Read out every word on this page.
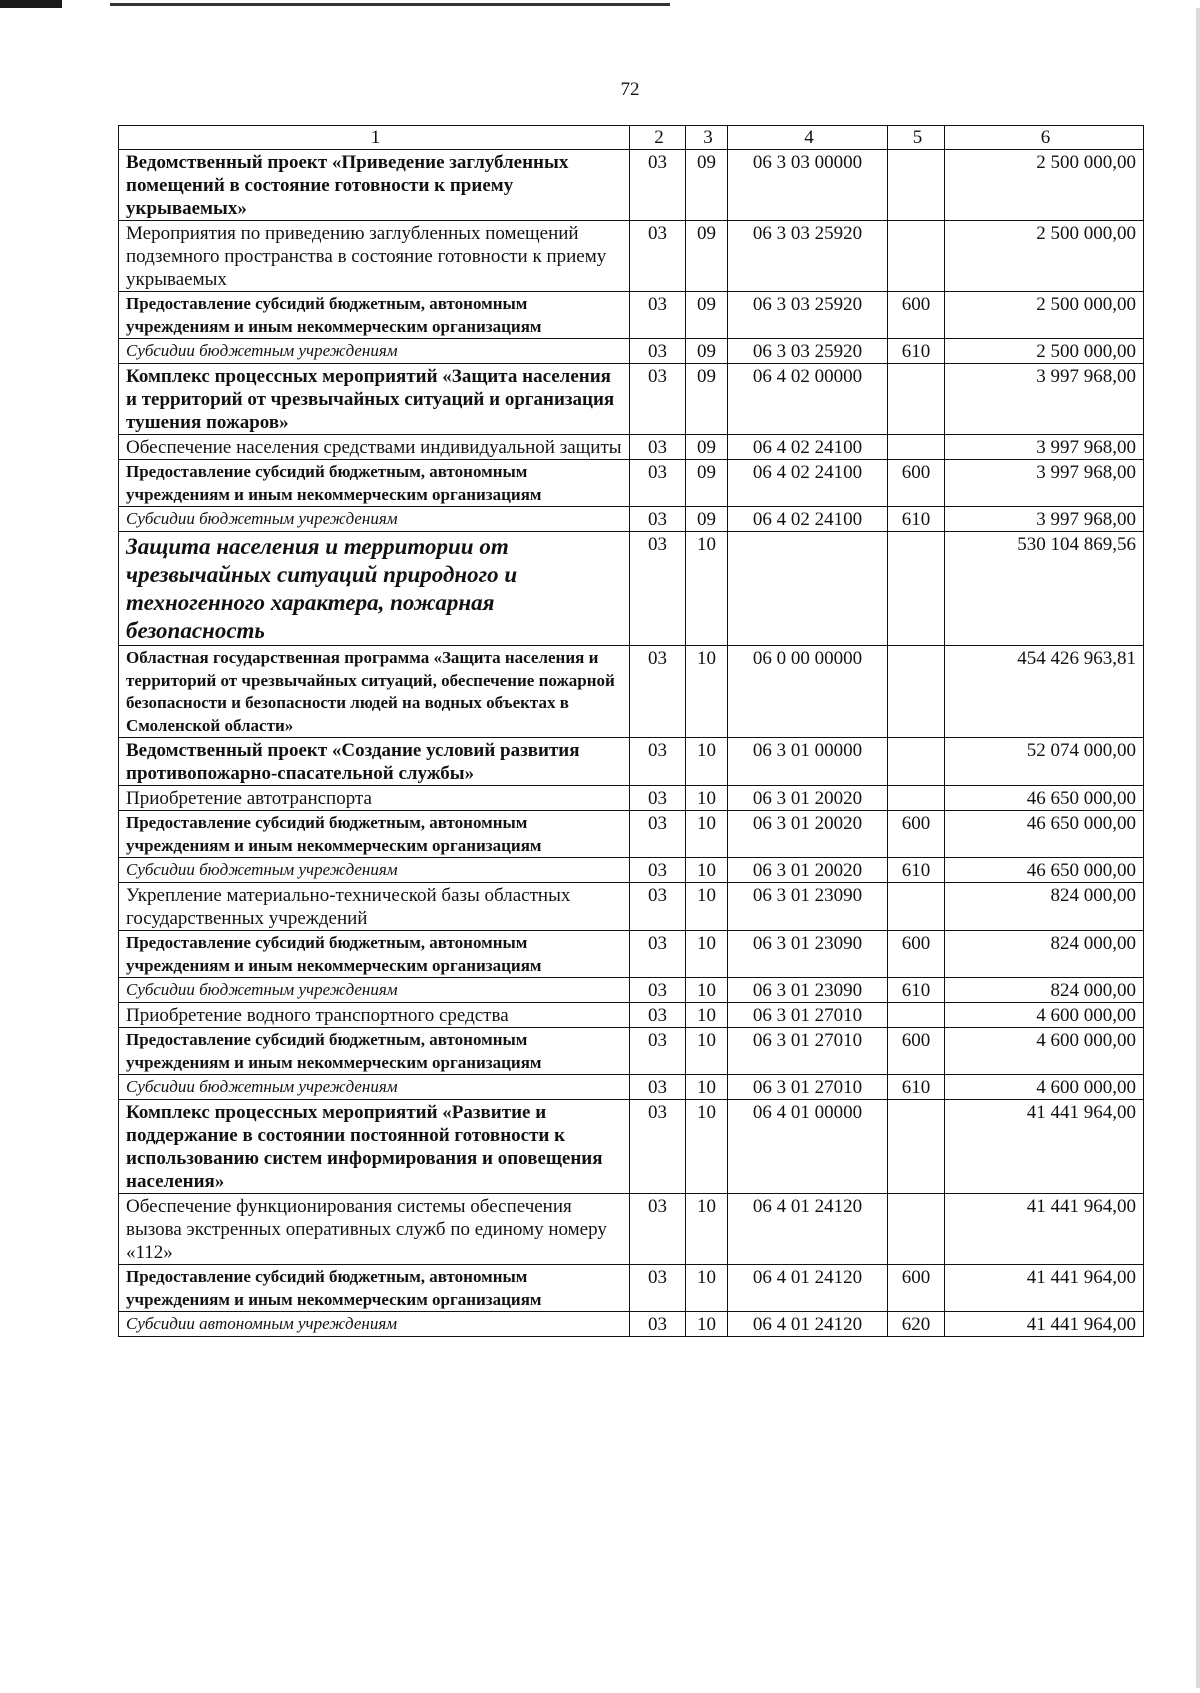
72
1	2	3	4	5	6
Ведомственный проект «Приведение заглубленных помещений в состояние готовности к приему укрываемых»	03	09	06 3 03 00000		2 500 000,00
Мероприятия по приведению заглубленных помещений подземного пространства в состояние готовности к приему укрываемых	03	09	06 3 03 25920		2 500 000,00
Предоставление субсидий бюджетным, автономным учреждениям и иным некоммерческим организациям	03	09	06 3 03 25920	600	2 500 000,00
Субсидии бюджетным учреждениям	03	09	06 3 03 25920	610	2 500 000,00
Комплекс процессных мероприятий «Защита населения и территорий от чрезвычайных ситуаций и организация тушения пожаров»	03	09	06 4 02 00000		3 997 968,00
Обеспечение населения средствами индивидуальной защиты	03	09	06 4 02 24100		3 997 968,00
Предоставление субсидий бюджетным, автономным учреждениям и иным некоммерческим организациям	03	09	06 4 02 24100	600	3 997 968,00
Субсидии бюджетным учреждениям	03	09	06 4 02 24100	610	3 997 968,00
Защита населения и территории от чрезвычайных ситуаций природного и техногенного характера, пожарная безопасность	03	10			530 104 869,56
Областная государственная программа «Защита населения и территорий от чрезвычайных ситуаций, обеспечение пожарной безопасности и безопасности людей на водных объектах в Смоленской области»	03	10	06 0 00 00000		454 426 963,81
Ведомственный проект «Создание условий развития противопожарно-спасательной службы»	03	10	06 3 01 00000		52 074 000,00
Приобретение автотранспорта	03	10	06 3 01 20020		46 650 000,00
Предоставление субсидий бюджетным, автономным учреждениям и иным некоммерческим организациям	03	10	06 3 01 20020	600	46 650 000,00
Субсидии бюджетным учреждениям	03	10	06 3 01 20020	610	46 650 000,00
Укрепление материально-технической базы областных государственных учреждений	03	10	06 3 01 23090		824 000,00
Предоставление субсидий бюджетным, автономным учреждениям и иным некоммерческим организациям	03	10	06 3 01 23090	600	824 000,00
Субсидии бюджетным учреждениям	03	10	06 3 01 23090	610	824 000,00
Приобретение водного транспортного средства	03	10	06 3 01 27010		4 600 000,00
Предоставление субсидий бюджетным, автономным учреждениям и иным некоммерческим организациям	03	10	06 3 01 27010	600	4 600 000,00
Субсидии бюджетным учреждениям	03	10	06 3 01 27010	610	4 600 000,00
Комплекс процессных мероприятий «Развитие и поддержание в состоянии постоянной готовности к использованию систем информирования и оповещения населения»	03	10	06 4 01 00000		41 441 964,00
Обеспечение функционирования системы обеспечения вызова экстренных оперативных служб по единому номеру «112»	03	10	06 4 01 24120		41 441 964,00
Предоставление субсидий бюджетным, автономным учреждениям и иным некоммерческим организациям	03	10	06 4 01 24120	600	41 441 964,00
Субсидии автономным учреждениям	03	10	06 4 01 24120	620	41 441 964,00
